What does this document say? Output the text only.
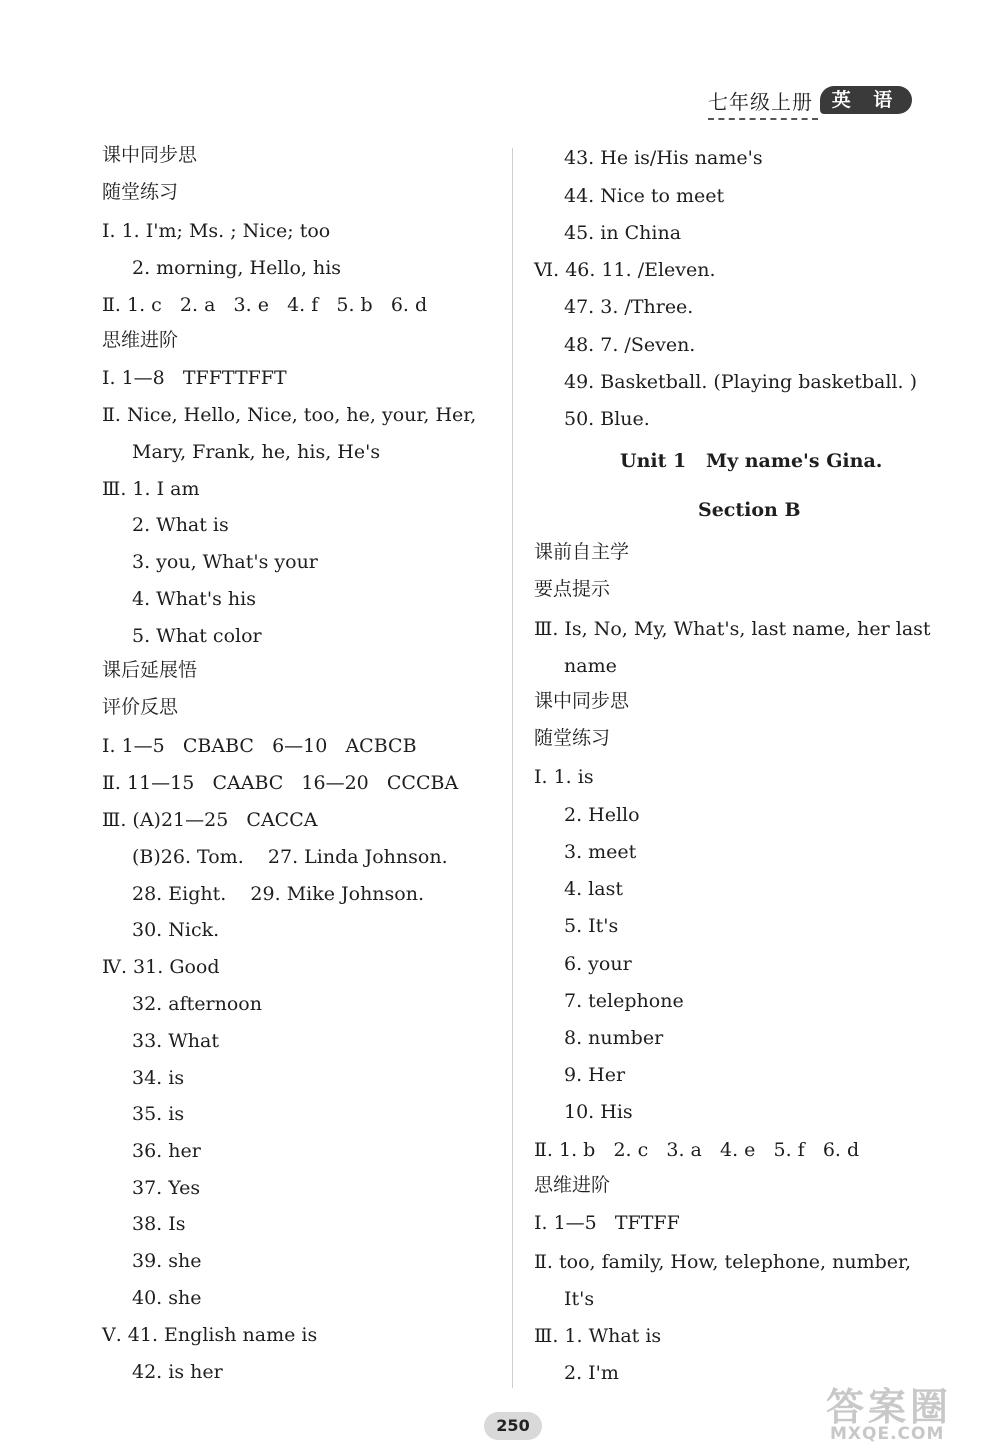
七年级上册 英 语
课中同步思
随堂练习
Ⅰ. 1. I'm; Ms. ; Nice; too
2. morning, Hello, his
Ⅱ. 1. c   2. a   3. e   4. f   5. b   6. d
思维进阶
Ⅰ. 1—8   TFFTTFFT
Ⅱ. Nice, Hello, Nice, too, he, your, Her,
Mary, Frank, he, his, He's
Ⅲ. 1. I am
2. What is
3. you, What's your
4. What's his
5. What color
课后延展悟
评价反思
Ⅰ. 1—5   CBABC   6—10   ACBCB
Ⅱ. 11—15   CAABC   16—20   CCCBA
Ⅲ. (A)21—25   CACCA
(B)26. Tom.    27. Linda Johnson.
28. Eight.    29. Mike Johnson.
30. Nick.
Ⅳ. 31. Good
32. afternoon
33. What
34. is
35. is
36. her
37. Yes
38. Is
39. she
40. she
Ⅴ. 41. English name is
42. is her
43. He is/His name's
44. Nice to meet
45. in China
Ⅵ. 46. 11. /Eleven.
47. 3. /Three.
48. 7. /Seven.
49. Basketball. (Playing basketball. )
50. Blue.
Unit 1   My name's Gina.
Section B
课前自主学
要点提示
Ⅲ. Is, No, My, What's, last name, her last
name
课中同步思
随堂练习
Ⅰ. 1. is
2. Hello
3. meet
4. last
5. It's
6. your
7. telephone
8. number
9. Her
10. His
Ⅱ. 1. b   2. c   3. a   4. e   5. f   6. d
思维进阶
Ⅰ. 1—5   TFTFF
Ⅱ. too, family, How, telephone, number,
It's
Ⅲ. 1. What is
2. I'm
250	答案圈
MXQE.COM
